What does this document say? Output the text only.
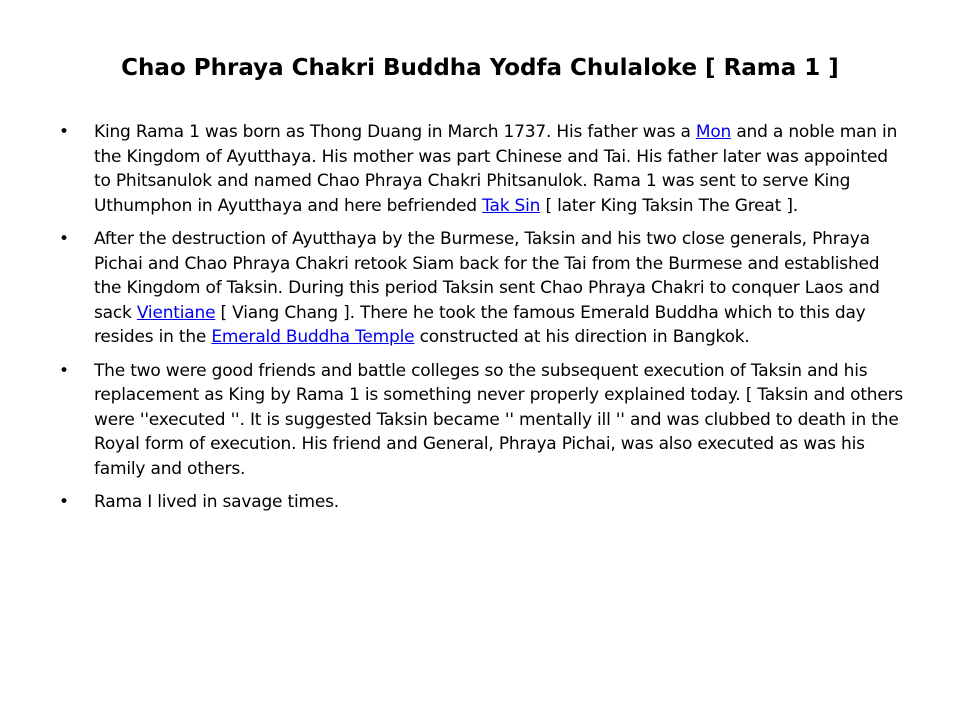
Chao Phraya Chakri Buddha Yodfa Chulaloke [ Rama 1 ]
• King Rama 1 was born as Thong Duang in March 1737. His father was a Mon and a noble man in the Kingdom of Ayutthaya. His mother was part Chinese and Tai. His father later was appointed to Phitsanulok and named Chao Phraya Chakri Phitsanulok. Rama 1 was sent to serve King Uthumphon in Ayutthaya and here befriended Tak Sin [ later King Taksin The Great ].
• After the destruction of Ayutthaya by the Burmese, Taksin and his two close generals, Phraya Pichai and Chao Phraya Chakri retook Siam back for the Tai from the Burmese and established the Kingdom of Taksin. During this period Taksin sent Chao Phraya Chakri to conquer Laos and sack Vientiane [ Viang Chang ]. There he took the famous Emerald Buddha which to this day resides in the Emerald Buddha Temple constructed at his direction in Bangkok.
• The two were good friends and battle colleges so the subsequent execution of Taksin and his replacement as King by Rama 1 is something never properly explained today. [ Taksin and others were ''executed ''. It is suggested Taksin became '' mentally ill '' and was clubbed to death in the Royal form of execution. His friend and General, Phraya Pichai, was also executed as was his family and others.
• Rama I lived in savage times.
